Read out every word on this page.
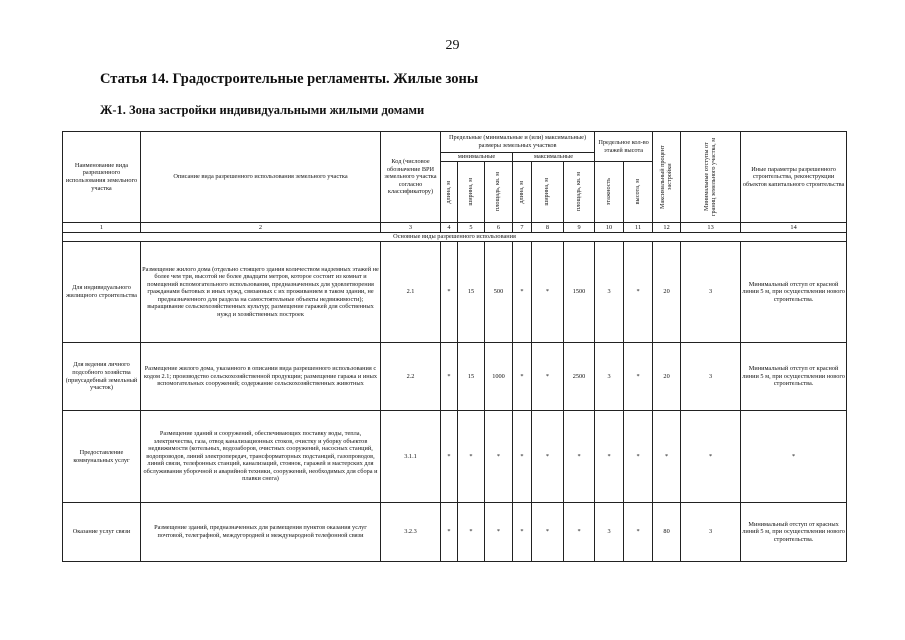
29
Статья 14. Градостроительные регламенты. Жилые зоны
Ж-1. Зона застройки индивидуальными жилыми домами
Наименование вида разрешенного использования земельного участка	Описание вида разрешенного использования земельного участка	Код (числовое обозначение ВРИ земельного участка согласно классификатору)	Предельные (минимальные и (или) максимальные) размеры земельных участков						Предельное кол-во этажей высота		Максимальный процент застройки	Минимальные отступы от границ земельного участка, м	Иные параметры разрешенного строительства, реконструкции объектов капитального строительства
			минимальные			максимальные							

			длина, м	ширина, м	площадь, кв. м	длина, м	ширина, м	площадь, кв. м	этажность	высота, м			

1	2	3	4	5	6	7	8	9	10	11	12	13	14
Основные виды разрешенного использования													
Для индивидуального жилищного строительства	Размещение жилого дома (отдельно стоящего здания количеством надземных этажей не более чем три, высотой не более двадцати метров, которое состоит из комнат и помещений вспомогательного использования, предназначенных для удовлетворения гражданами бытовых и иных нужд, связанных с их проживанием в таком здании, не предназначенного для раздела на самостоятельные объекты недвижимости); выращивание сельскохозяйственных культур; размещение гаражей для собственных нужд и хозяйственных построек	2.1	*	15	500	*	*	1500	3	*	20	3	Минимальный отступ от красной линии 5 м, при осуществлении нового строительства.
Для ведения личного подсобного хозяйства (приусадебный земельный участок)	Размещение жилого дома, указанного в описании вида разрешенного использования с кодом 2.1; производство сельскохозяйственной продукции; размещение гаража и иных вспомогательных сооружений; содержание сельскохозяйственных животных	2.2	*	15	1000	*	*	2500	3	*	20	3	Минимальный отступ от красной линии 5 м, при осуществлении нового строительства.
Предоставление коммунальных услуг	Размещение зданий и сооружений, обеспечивающих поставку воды, тепла, электричества, газа, отвод канализационных стоков, очистку и уборку объектов недвижимости (котельных, водозаборов, очистных сооружений, насосных станций, водопроводов, линий электропередач, трансформаторных подстанций, газопроводов, линий связи, телефонных станций, канализаций, стоянок, гаражей и мастерских для обслуживания уборочной и аварийной техники, сооружений, необходимых для сбора и плавки снега)	3.1.1	*	*	*	*	*	*	*	*	*	*	*
Оказание услуг связи	Размещение зданий, предназначенных для размещения пунктов оказания услуг почтовой, телеграфной, междугородней и международной телефонной связи	3.2.3	*	*	*	*	*	*	3	*	80	3	Минимальный отступ от красных линий 5 м, при осуществлении нового строительства.
